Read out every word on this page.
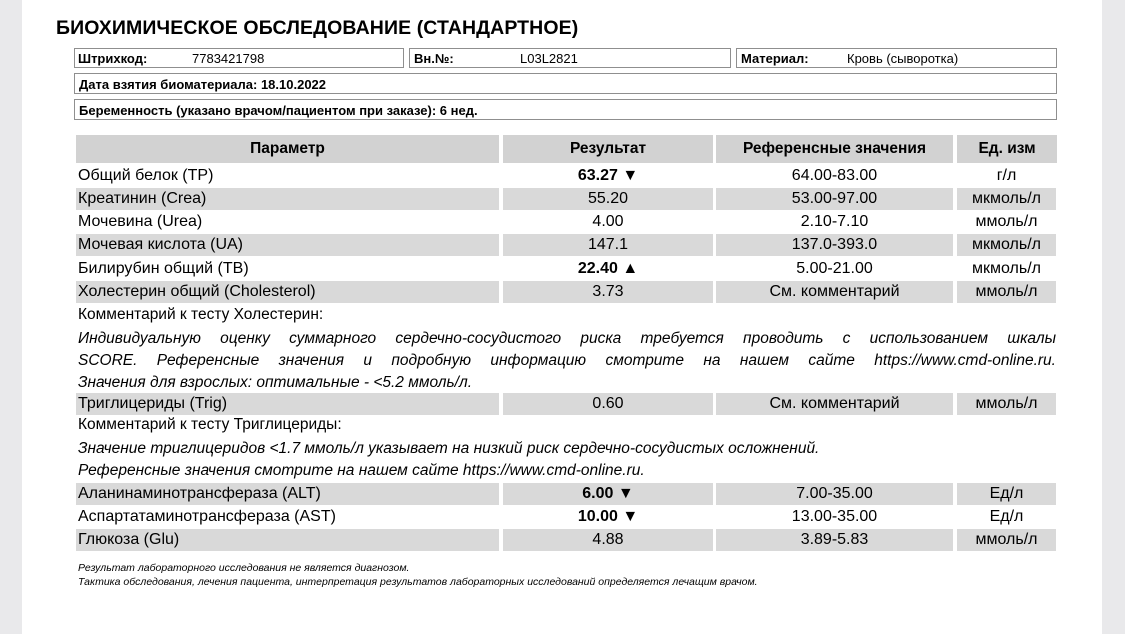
БИОХИМИЧЕСКОЕ ОБСЛЕДОВАНИЕ (СТАНДАРТНОЕ)
Штрихкод:	7783421798	Вн.№:	L03L2821	Материал:	Кровь (сыворотка)
Дата взятия биоматериала: 18.10.2022
Беременность (указано врачом/пациентом при заказе): 6 нед.
Параметр	Результат	Референсные значения	Ед. изм
Общий белок (TP)	63.27 ▼	64.00-83.00	г/л
Креатинин (Crea)	55.20	53.00-97.00	мкмоль/л
Мочевина (Urea)	4.00	2.10-7.10	ммоль/л
Мочевая кислота (UA)	147.1	137.0-393.0	мкмоль/л
Билирубин общий (TB)	22.40 ▲	5.00-21.00	мкмоль/л
Холестерин общий (Cholesterol)	3.73	См. комментарий	ммоль/л
Комментарий к тесту Холестерин:
Индивидуальную оценку суммарного сердечно-сосудистого риска требуется проводить с использованием шкалы
SCORE. Референсные значения и подробную информацию смотрите на нашем сайте https://www.cmd-online.ru.
Значения для взрослых: оптимальные - <5.2 ммоль/л.
Триглицериды (Trig)	0.60	См. комментарий	ммоль/л
Комментарий к тесту Триглицериды:
Значение триглицеридов <1.7 ммоль/л указывает на низкий риск сердечно-сосудистых осложнений.
Референсные значения смотрите на нашем сайте https://www.cmd-online.ru.
Аланинаминотрансфераза (ALT)	6.00 ▼	7.00-35.00	Ед/л
Аспартатаминотрансфераза (AST)	10.00 ▼	13.00-35.00	Ед/л
Глюкоза (Glu)	4.88	3.89-5.83	ммоль/л
Результат лабораторного исследования не является диагнозом.
Тактика обследования, лечения пациента, интерпретация результатов лабораторных исследований определяется лечащим врачом.
